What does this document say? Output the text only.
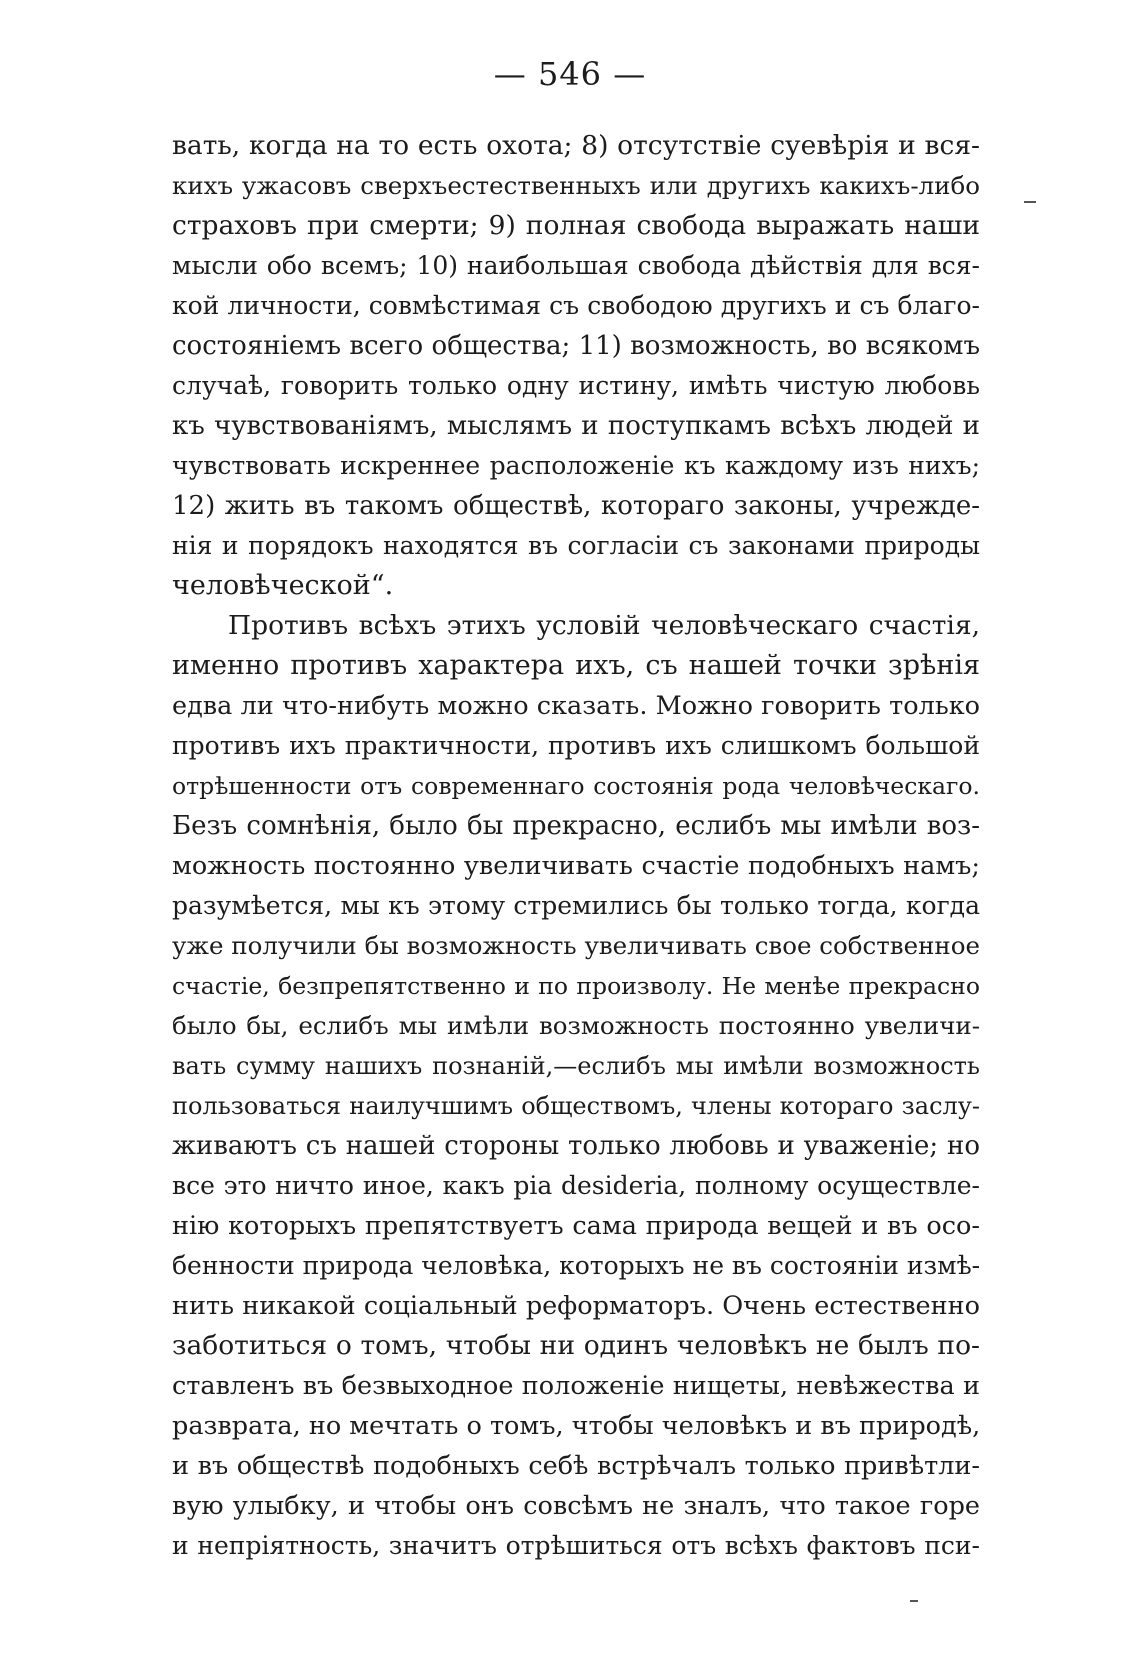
— 546 —
вать, когда на то есть охота; 8) отсутствіе суевѣрія и вся-
кихъ ужасовъ сверхъестественныхъ или другихъ какихъ-либо
страховъ при смерти; 9) полная свобода выражать наши
мысли обо всемъ; 10) наибольшая свобода дѣйствія для вся-
кой личности, совмѣстимая съ свободою другихъ и съ благо-
состояніемъ всего общества; 11) возможность, во всякомъ
случаѣ, говорить только одну истину, имѣть чистую любовь
къ чувствованіямъ, мыслямъ и поступкамъ всѣхъ людей и
чувствовать искреннее расположеніе къ каждому изъ нихъ;
12) жить въ такомъ обществѣ, котораго законы, учрежде-
нія и порядокъ находятся въ согласіи съ законами природы
человѣческой“.
Противъ всѣхъ этихъ условій человѣческаго счастія,
именно противъ характера ихъ, съ нашей точки зрѣнія
едва ли что-нибуть можно сказать. Можно говорить только
противъ ихъ практичности, противъ ихъ слишкомъ большой
отрѣшенности отъ современнаго состоянія рода человѣческаго.
Безъ сомнѣнія, было бы прекрасно, еслибъ мы имѣли воз-
можность постоянно увеличивать счастіе подобныхъ намъ;
разумѣется, мы къ этому стремились бы только тогда, когда
уже получили бы возможность увеличивать свое собственное
счастіе, безпрепятственно и по произволу. Не менѣе прекрасно
было бы, еслибъ мы имѣли возможность постоянно увеличи-
вать сумму нашихъ познаній,—еслибъ мы имѣли возможность
пользоваться наилучшимъ обществомъ, члены котораго заслу-
живаютъ съ нашей стороны только любовь и уваженіе; но
все это ничто иное, какъ pia desideria, полному осуществле-
нію которыхъ препятствуетъ сама природа вещей и въ осо-
бенности природа человѣка, которыхъ не въ состояніи измѣ-
нить никакой соціальный реформаторъ. Очень естественно
заботиться о томъ, чтобы ни одинъ человѣкъ не былъ по-
ставленъ въ безвыходное положеніе нищеты, невѣжества и
разврата, но мечтать о томъ, чтобы человѣкъ и въ природѣ,
и въ обществѣ подобныхъ себѣ встрѣчалъ только привѣтли-
вую улыбку, и чтобы онъ совсѣмъ не зналъ, что такое горе
и непріятность, значитъ отрѣшиться отъ всѣхъ фактовъ пси-
